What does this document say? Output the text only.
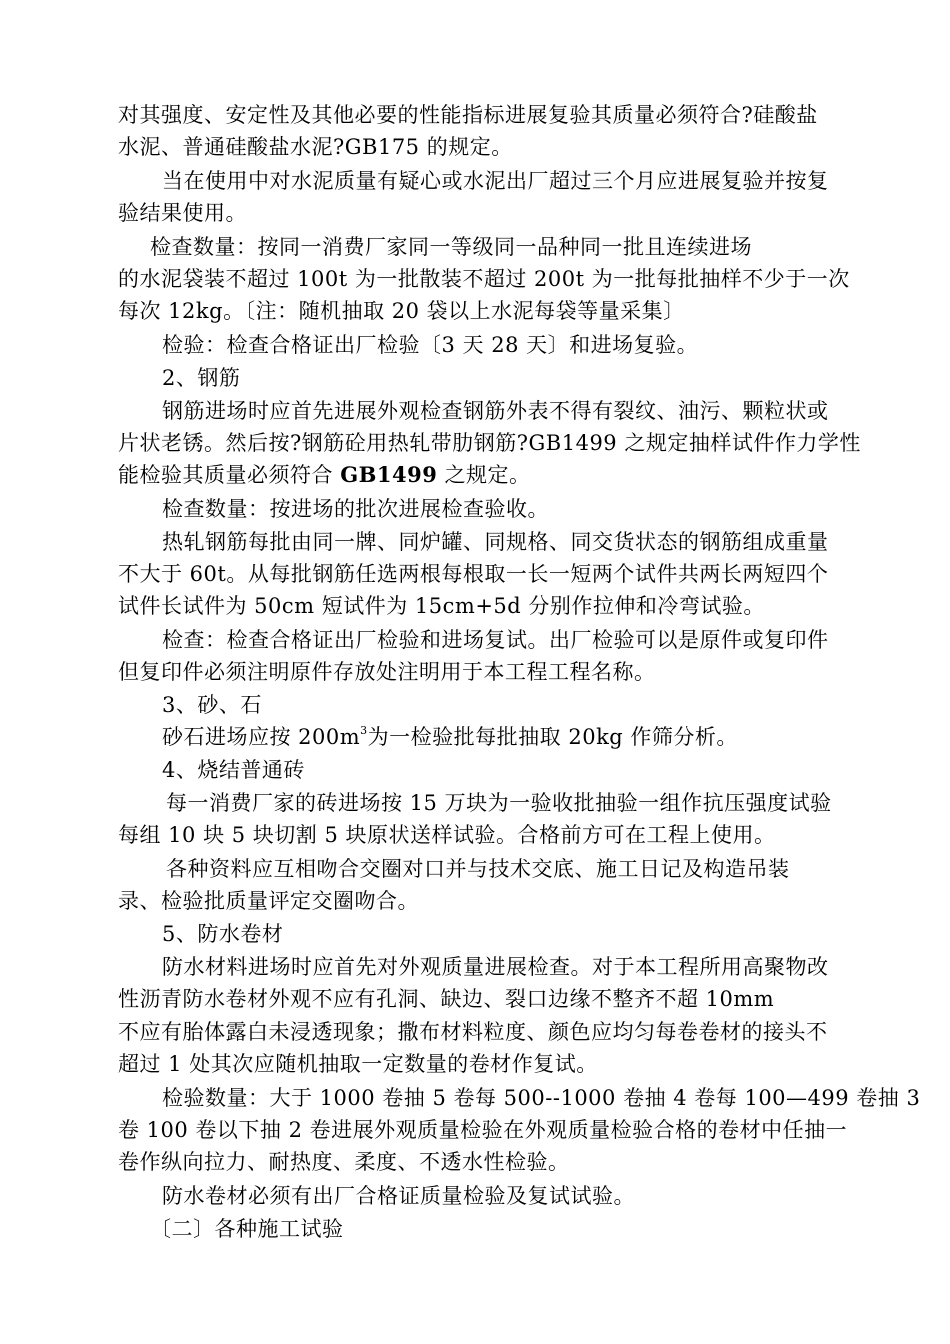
对其强度、安定性及其他必要的性能指标进展复验其质量必须符合?硅酸盐
水泥、普通硅酸盐水泥?GB175 的规定。
当在使用中对水泥质量有疑心或水泥出厂超过三个月应进展复验并按复
验结果使用。
检查数量：按同一消费厂家同一等级同一品种同一批且连续进场
的水泥袋装不超过 100t 为一批散装不超过 200t 为一批每批抽样不少于一次
每次 12kg。〔注：随机抽取 20 袋以上水泥每袋等量采集〕
检验：检查合格证出厂检验〔3 天 28 天〕和进场复验。
2、钢筋
钢筋进场时应首先进展外观检查钢筋外表不得有裂纹、油污、颗粒状或
片状老锈。然后按?钢筋砼用热轧带肋钢筋?GB1499 之规定抽样试件作力学性
能检验其质量必须符合 GB1499 之规定。
检查数量：按进场的批次进展检查验收。
热轧钢筋每批由同一牌、同炉罐、同规格、同交货状态的钢筋组成重量
不大于 60t。从每批钢筋任选两根每根取一长一短两个试件共两长两短四个
试件长试件为 50cm 短试件为 15cm+5d 分别作拉伸和冷弯试验。
检查：检查合格证出厂检验和进场复试。出厂检验可以是原件或复印件
但复印件必须注明原件存放处注明用于本工程工程名称。
3、砂、石
砂石进场应按 $200m^3$为一检验批每批抽取 20kg 作筛分析。
4、烧结普通砖
每一消费厂家的砖进场按 15 万块为一验收批抽验一组作抗压强度试验
每组 10 块 5 块切割 5 块原状送样试验。合格前方可在工程上使用。
各种资料应互相吻合交圈对口并与技术交底、施工日记及构造吊装
录、检验批质量评定交圈吻合。
5、防水卷材
防水材料进场时应首先对外观质量进展检查。对于本工程所用高聚物改
性沥青防水卷材外观不应有孔洞、缺边、裂口边缘不整齐不超 10mm
不应有胎体露白未浸透现象；撒布材料粒度、颜色应均匀每卷卷材的接头不
超过 1 处其次应随机抽取一定数量的卷材作复试。
检验数量：大于 1000 卷抽 5 卷每 500--1000 卷抽 4 卷每 100—499 卷抽 3
卷 100 卷以下抽 2 卷进展外观质量检验在外观质量检验合格的卷材中任抽一
卷作纵向拉力、耐热度、柔度、不透水性检验。
防水卷材必须有出厂合格证质量检验及复试试验。
〔二〕各种施工试验
